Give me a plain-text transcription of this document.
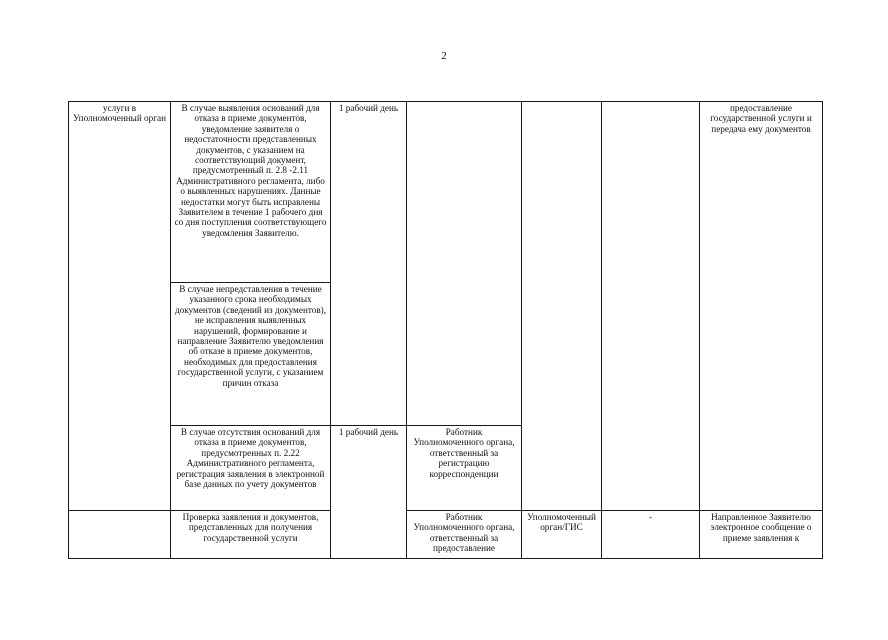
2
услуги в Уполномоченный орган	В случае выявления оснований для отказа в приеме документов, уведомление заявителя о недостаточности представленных документов, с указанием на соответствующий документ, предусмотренный п. 2.8 -2.11 Административного регламента, либо о выявленных нарушениях. Данные недостатки могут быть исправлены Заявителем в течение 1 рабочего дня со дня поступления соответствующего уведомления Заявителю.	1 рабочий день				предоставление государственной услуги и передача ему документов
	В случае непредставления в течение указанного срока необходимых документов (сведений из документов), не исправления выявленных нарушений, формирование и направление Заявителю уведомления об отказе в приеме документов, необходимых для предоставления государственной услуги, с указанием причин отказа					
	В случае отсутствия оснований для отказа в приеме документов, предусмотренных п. 2.22 Административного регламента, регистрация заявления в электронной базе данных по учету документов	1 рабочий день	Работник Уполномоченного органа, ответственный за регистрацию корреспонденции			
	Проверка заявления и документов, представленных для получения государственной услуги		Работник Уполномоченного органа, ответственный за предоставление	Уполномоченный орган/ГИС	-	Направленное Заявителю электронное сообщение о приеме заявления к
